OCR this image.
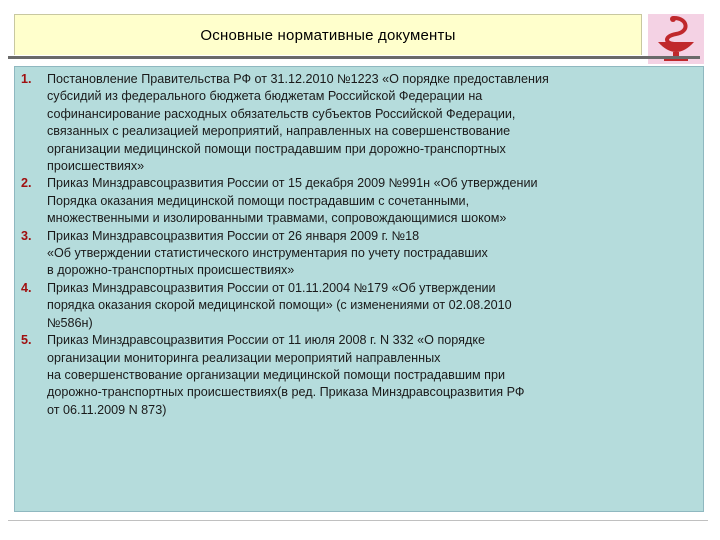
Основные нормативные документы
1.	Постановление Правительства РФ от 31.12.2010 №1223 «О порядке предоставления
субсидий из федерального бюджета бюджетам Российской Федерации на
софинансирование расходных обязательств субъектов Российской Федерации,
связанных с реализацией мероприятий, направленных на совершенствование
организации медицинской помощи пострадавшим при дорожно-транспортных
происшествиях»
2.	Приказ Минздравсоцразвития России от 15 декабря 2009 №991н «Об утверждении
Порядка оказания медицинской помощи пострадавшим с сочетанными,
множественными и изолированными травмами, сопровождающимися шоком»
3.	Приказ Минздравсоцразвития России от 26 января 2009 г. №18
«Об утверждении статистического инструментария по учету пострадавших
в дорожно-транспортных происшествиях»
4.	Приказ Минздравсоцразвития России от 01.11.2004 №179 «Об утверждении
порядка оказания скорой медицинской помощи» (с изменениями от 02.08.2010
№586н)
5.	Приказ Минздравсоцразвития России от 11 июля 2008 г. N 332 «О порядке
организации мониторинга реализации мероприятий направленных
на совершенствование организации медицинской помощи пострадавшим при
дорожно-транспортных происшествиях(в ред. Приказа Минздравсоцразвития РФ
от 06.11.2009 N 873)
